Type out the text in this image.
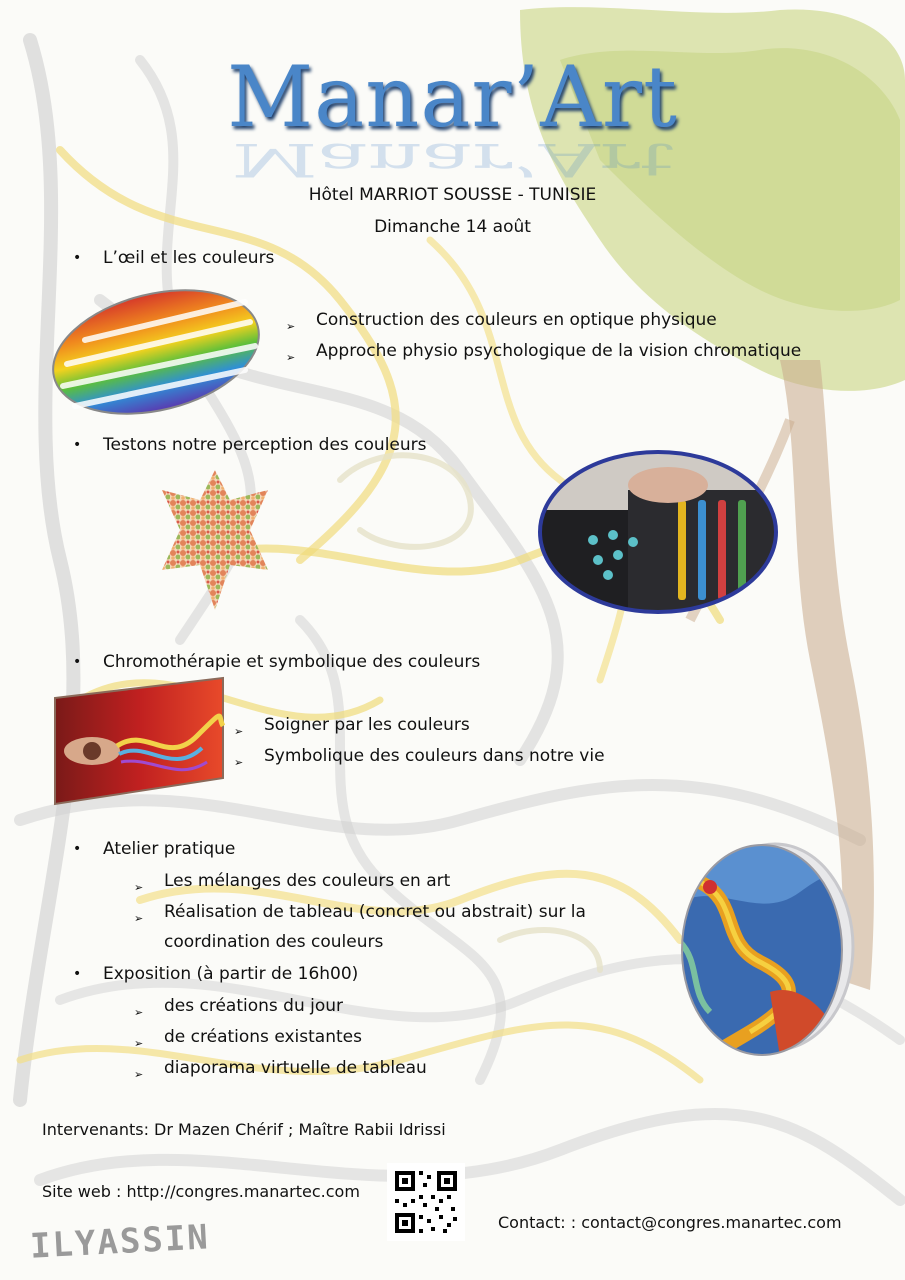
Manar’Art
Manar’Art
Hôtel MARRIOT SOUSSE - TUNISIE
Dimanche 14 août
• L’œil et les couleurs
➢ Construction des couleurs en optique physique
➢ Approche physio psychologique de la vision chromatique
• Testons notre perception des couleurs
• Chromothérapie et symbolique des couleurs
➢ Soigner par les couleurs
➢ Symbolique des couleurs dans notre vie
• Atelier pratique
➢ Les mélanges des couleurs en art
➢ Réalisation de tableau (concret ou abstrait) sur la
coordination des couleurs
• Exposition (à partir de 16h00)
➢ des créations du jour
➢ de créations existantes
➢ diaporama virtuelle de tableau
Intervenants: Dr Mazen Chérif ; Maître Rabii Idrissi
Site web : http://congres.manartec.com
Contact: : contact@congres.manartec.com
ILYASSIN
